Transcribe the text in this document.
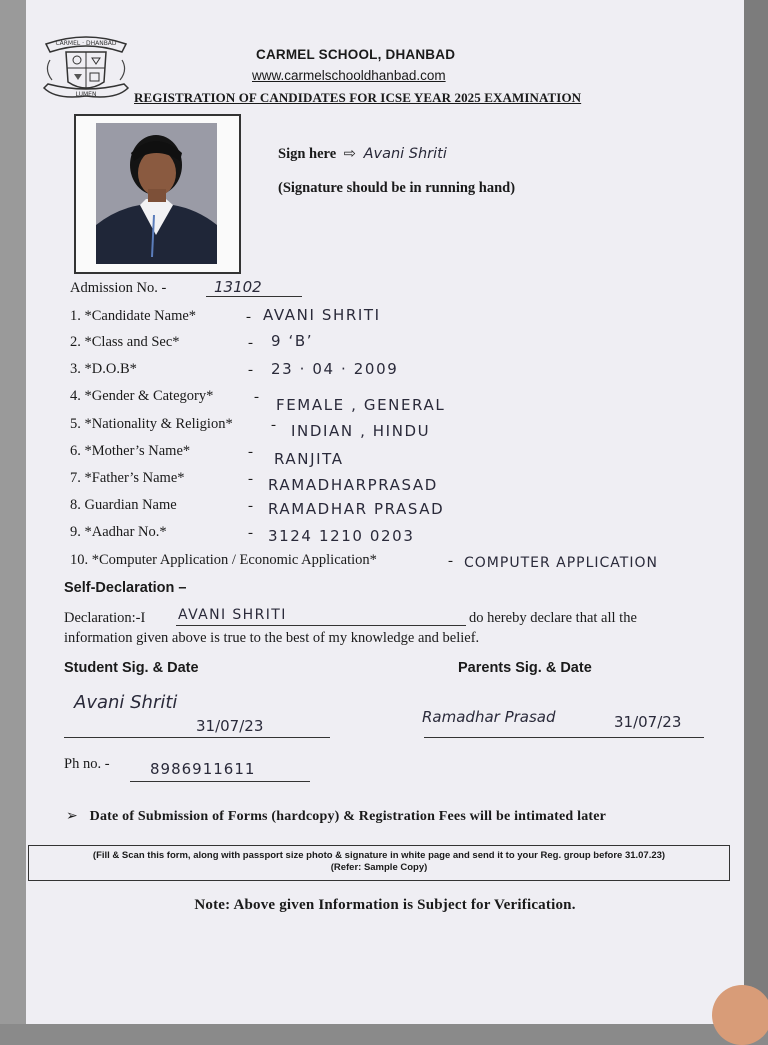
CARMEL · DHANBAD
LUMEN
CARMEL SCHOOL, DHANBAD
www.carmelschooldhanbad.com
REGISTRATION OF CANDIDATES FOR ICSE YEAR 2025 EXAMINATION
Sign here ⇨ Avani Shriti
(Signature should be in running hand)
Admission No. -	13102
1. *Candidate Name*	- AVANI SHRITI
2. *Class and Sec*	- 9 ‘B’
3. *D.O.B*	- 23 · 04 · 2009
4. *Gender & Category*	- FEMALE , GENERAL
5. *Nationality & Religion*	- INDIAN , HINDU
6. *Mother’s Name*	- RANJITA
7. *Father’s Name*	- RAMADHARPRASAD
8. Guardian Name	- RAMADHAR PRASAD
9. *Aadhar No.*	- 3124 1210 0203
10. *Computer Application / Economic Application*	- COMPUTER APPLICATION
Self-Declaration –
Declaration:-I AVANI SHRITI	do hereby declare that all the
information given above is true to the best of my knowledge and belief.
Student Sig. & Date	Parents Sig. & Date
Avani Shriti
31/07/23	Ramadhar Prasad	31/07/23
Ph no. -	8986911611
➢ Date of Submission of Forms (hardcopy) & Registration Fees will be intimated later
(Fill & Scan this form, along with passport size photo & signature in white page and send it to your Reg. group before 31.07.23)
(Refer: Sample Copy)
Note: Above given Information is Subject for Verification.
